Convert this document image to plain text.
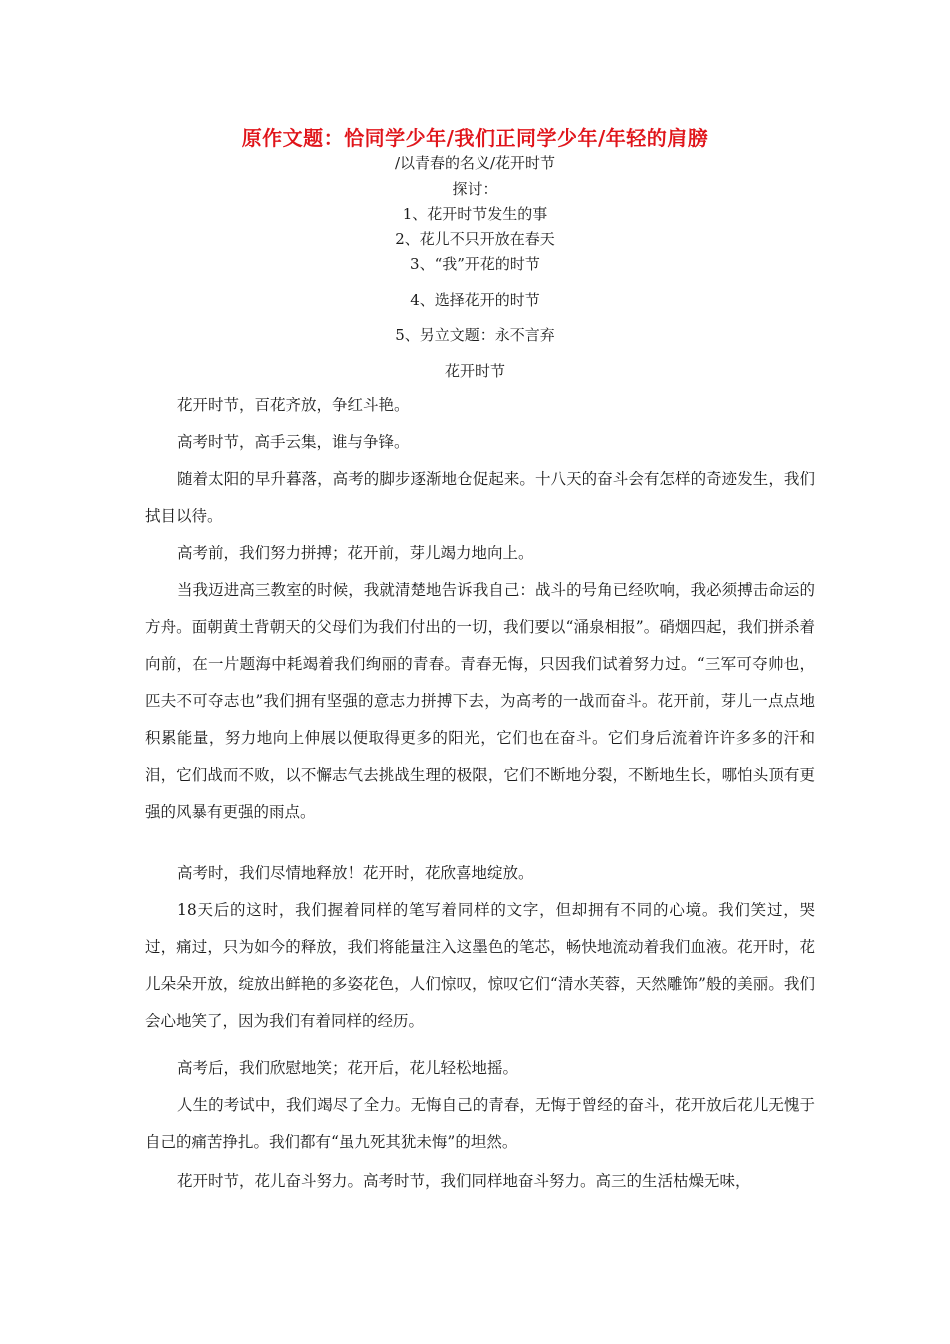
原作文题：恰同学少年/我们正同学少年/年轻的肩膀
/以青春的名义/花开时节
探讨：
1、花开时节发生的事
2、花儿不只开放在春天
3、“我”开花的时节
4、选择花开的时节
5、另立文题：永不言弃
花开时节

花开时节，百花齐放，争红斗艳。

高考时节，高手云集，谁与争锋。

随着太阳的早升暮落，高考的脚步逐渐地仓促起来。十八天的奋斗会有怎样的奇迹发生，我们拭目以待。

高考前，我们努力拼搏；花开前，芽儿竭力地向上。

当我迈进高三教室的时候，我就清楚地告诉我自己：战斗的号角已经吹响，我必须搏击命运的方舟。面朝黄土背朝天的父母们为我们付出的一切，我们要以“涌泉相报”。硝烟四起，我们拼杀着向前，在一片题海中耗竭着我们绚丽的青春。青春无悔，只因我们试着努力过。“三军可夺帅也，匹夫不可夺志也”我们拥有坚强的意志力拼搏下去，为高考的一战而奋斗。花开前，芽儿一点点地积累能量，努力地向上伸展以便取得更多的阳光，它们也在奋斗。它们身后流着许许多多的汗和泪，它们战而不败，以不懈志气去挑战生理的极限，它们不断地分裂，不断地生长，哪怕头顶有更强的风暴有更强的雨点。

高考时，我们尽情地释放！花开时，花欣喜地绽放。

18天后的这时，我们握着同样的笔写着同样的文字，但却拥有不同的心境。我们笑过，哭过，痛过，只为如今的释放，我们将能量注入这墨色的笔芯，畅快地流动着我们血液。花开时，花儿朵朵开放，绽放出鲜艳的多姿花色，人们惊叹，惊叹它们“清水芙蓉，天然雕饰”般的美丽。我们会心地笑了，因为我们有着同样的经历。

高考后，我们欣慰地笑；花开后，花儿轻松地摇。

人生的考试中，我们竭尽了全力。无悔自己的青春，无悔于曾经的奋斗，花开放后花儿无愧于自己的痛苦挣扎。我们都有“虽九死其犹未悔”的坦然。

花开时节，花儿奋斗努力。高考时节，我们同样地奋斗努力。高三的生活枯燥无味，
